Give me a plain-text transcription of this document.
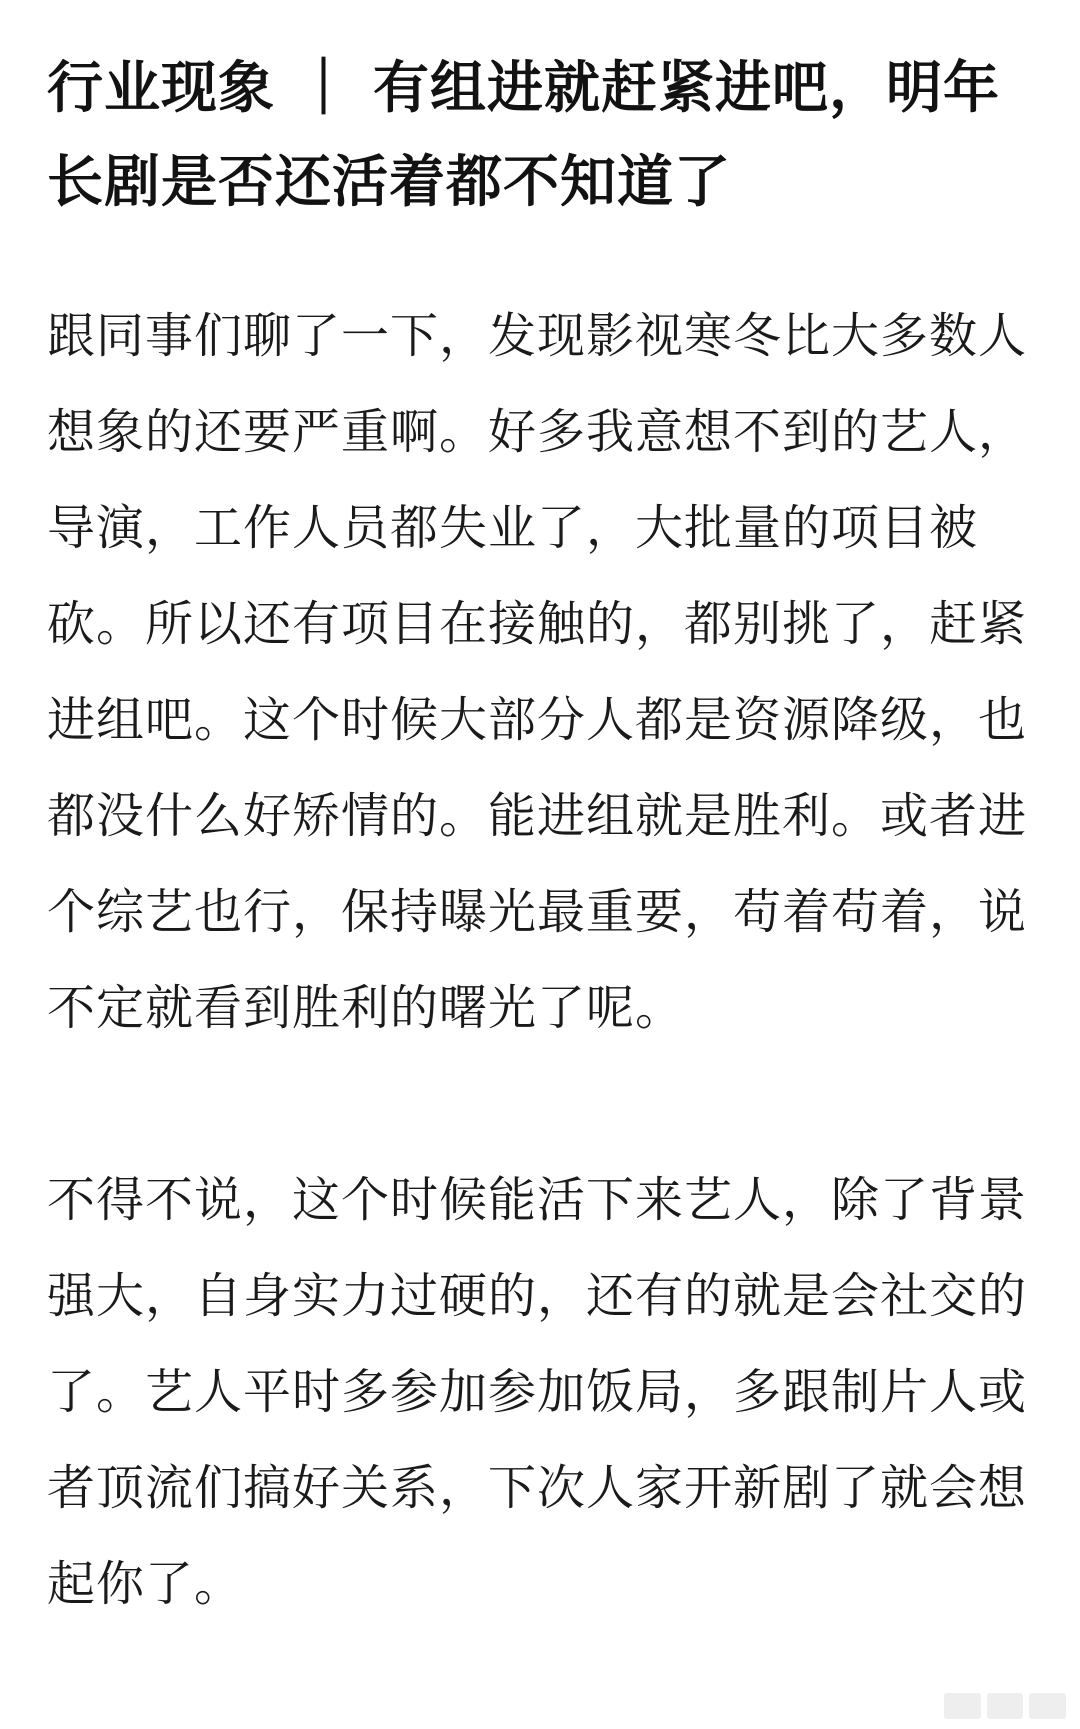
行业现象 ｜ 有组进就赶紧进吧，明年长剧是否还活着都不知道了

跟同事们聊了一下，发现影视寒冬比大多数人想象的还要严重啊。好多我意想不到的艺人，导演，工作人员都失业了，大批量的项目被砍。所以还有项目在接触的，都别挑了，赶紧进组吧。这个时候大部分人都是资源降级，也都没什么好矫情的。能进组就是胜利。或者进个综艺也行，保持曝光最重要，苟着苟着，说不定就看到胜利的曙光了呢。

不得不说，这个时候能活下来艺人，除了背景强大，自身实力过硬的，还有的就是会社交的了。艺人平时多参加参加饭局，多跟制片人或者顶流们搞好关系，下次人家开新剧了就会想起你了。
